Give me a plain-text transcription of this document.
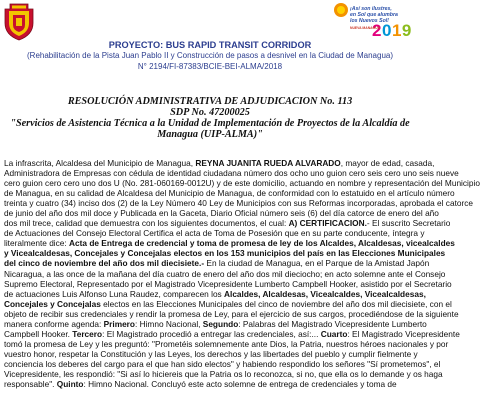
¡Así son ilustres,
en Sol que alumbra
los Nuevos Sol!
2019
NUEVA MANAGUA
PROYECTO: BUS RAPID TRANSIT CORRIDOR
(Rehabilitación de la Pista Juan Pablo II y Construcción de pasos a desnivel en la Ciudad de Managua)
N° 2194/FI-87383/BCIE-BEI-ALMA/2018
RESOLUCIÓN ADMINISTRATIVA DE ADJUDICACION No. 113
SDP No. 47200025
"Servicios de Asistencia Técnica a la Unidad de Implementación de Proyectos de la Alcaldía de
Managua (UIP-ALMA)"
La infrascrita, Alcaldesa del Municipio de Managua, REYNA JUANITA RUEDA ALVARADO, mayor de edad, casada,
Administradora de Empresas con cédula de identidad ciudadana número dos ocho uno guion cero seis cero uno seis nueve
cero guion cero cero uno dos U (No. 281-060169-0012U) y de este domicilio, actuando en nombre y representación del Municipio
de Managua, en su calidad de Alcaldesa del Municipio de Managua, de conformidad con lo estatuido en el artículo número
treinta y cuatro (34) inciso dos (2) de la Ley Número 40 Ley de Municipios con sus Reformas incorporadas, aprobada el catorce
de junio del año dos mil doce y Publicada en la Gaceta, Diario Oficial número seis (6) del día catorce de enero del año
dos mil trece, calidad que demuestra con los siguientes documentos, el cual: A) CERTIFICACION.- El suscrito Secretario
de Actuaciones del Consejo Electoral Certifica el acta de Toma de Posesión que en su parte conducente, íntegra y
literalmente dice: Acta de Entrega de credencial y toma de promesa de ley de los Alcaldes, Alcaldesas, vicealcaldes
y Vicealcaldesas, Concejales y Concejalas electos en los 153 municipios del país en las Elecciones Municipales
del cinco de noviembre del año dos mil diecisiete.- En la ciudad de Managua, en el Parque de la Amistad Japón
Nicaragua, a las once de la mañana del día cuatro de enero del año dos mil dieciocho; en acto solemne ante el Consejo
Supremo Electoral, Representado por el Magistrado Vicepresidente Lumberto Campbell Hooker, asistido por el Secretario
de actuaciones Luis Alfonso Luna Raudez, comparecen los Alcaldes, Alcaldesas, Vicealcaldes, Vicealcaldesas,
Concejales y Concejalas electos en las Elecciones Municipales del cinco de noviembre del año dos mil diecisiete, con el
objeto de recibir sus credenciales y rendir la promesa de Ley, para el ejercicio de sus cargos, procediéndose de la siguiente
manera conforme agenda: Primero: Himno Nacional, Segundo: Palabras del Magistrado Vicepresidente Lumberto
Campbell Hooker. Tercero: El Magistrado procedió a entregar las credenciales, así:... Cuarto: El Magistrado Vicepresidente
tomó la promesa de Ley y les preguntó: "Prometéis solemnemente ante Dios, la Patria, nuestros héroes nacionales y por
vuestro honor, respetar la Constitución y las Leyes, los derechos y las libertades del pueblo y cumplir fielmente y
conciencia los deberes del cargo para el que han sido electos" y habiendo respondido los señores "Sí prometemos", el
Vicepresidente, les respondió: "Si así lo hiciereis que la Patria os lo reconozca, si no, que ella os lo demande y os haga
responsable". Quinto: Himno Nacional. Concluyó este acto solemne de entrega de credenciales y toma de
